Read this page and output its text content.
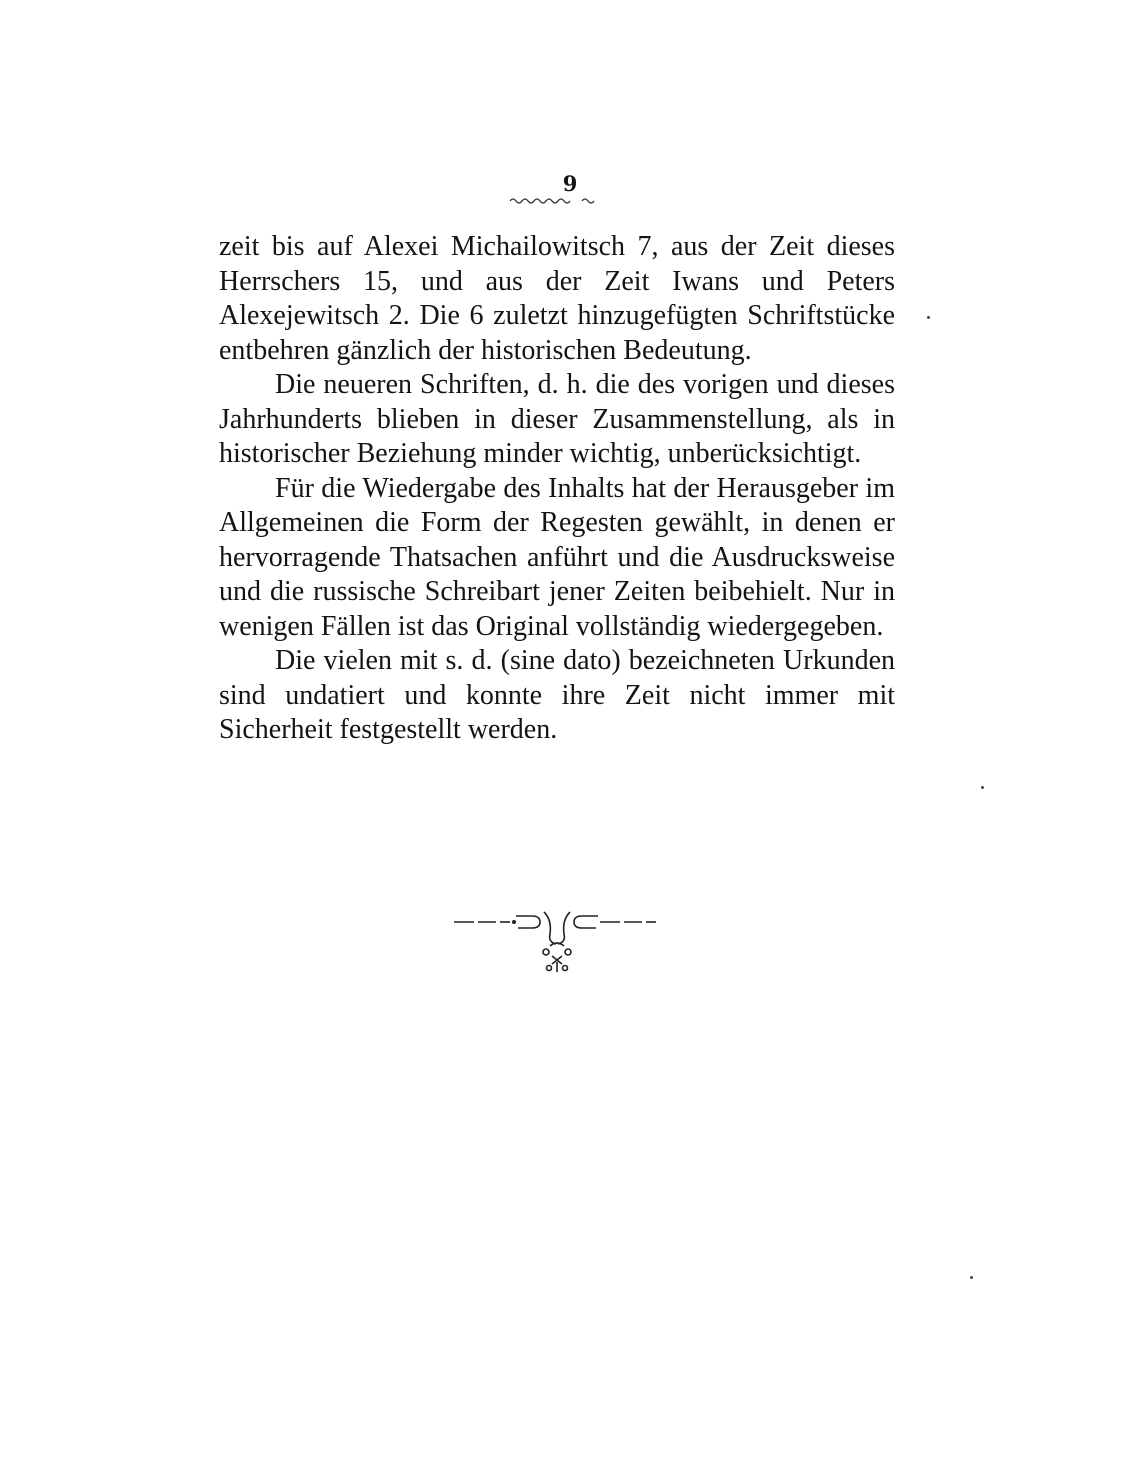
9

zeit bis auf Alexei Michailowitsch 7, aus der Zeit dieses Herrschers 15, und aus der Zeit Iwans und Peters Alexejewitsch 2. Die 6 zuletzt hinzugefügten Schriftstücke entbehren gänzlich der historischen Bedeutung.

Die neueren Schriften, d. h. die des vorigen und dieses Jahrhunderts blieben in dieser Zusammenstellung, als in historischer Beziehung minder wichtig, unberücksichtigt.

Für die Wiedergabe des Inhalts hat der Herausgeber im Allgemeinen die Form der Regesten gewählt, in denen er hervorragende Thatsachen anführt und die Ausdrucksweise und die russische Schreibart jener Zeiten beibehielt. Nur in wenigen Fällen ist das Original vollständig wiedergegeben.

Die vielen mit s. d. (sine dato) bezeichneten Urkunden sind undatiert und konnte ihre Zeit nicht immer mit Sicherheit festgestellt werden.
